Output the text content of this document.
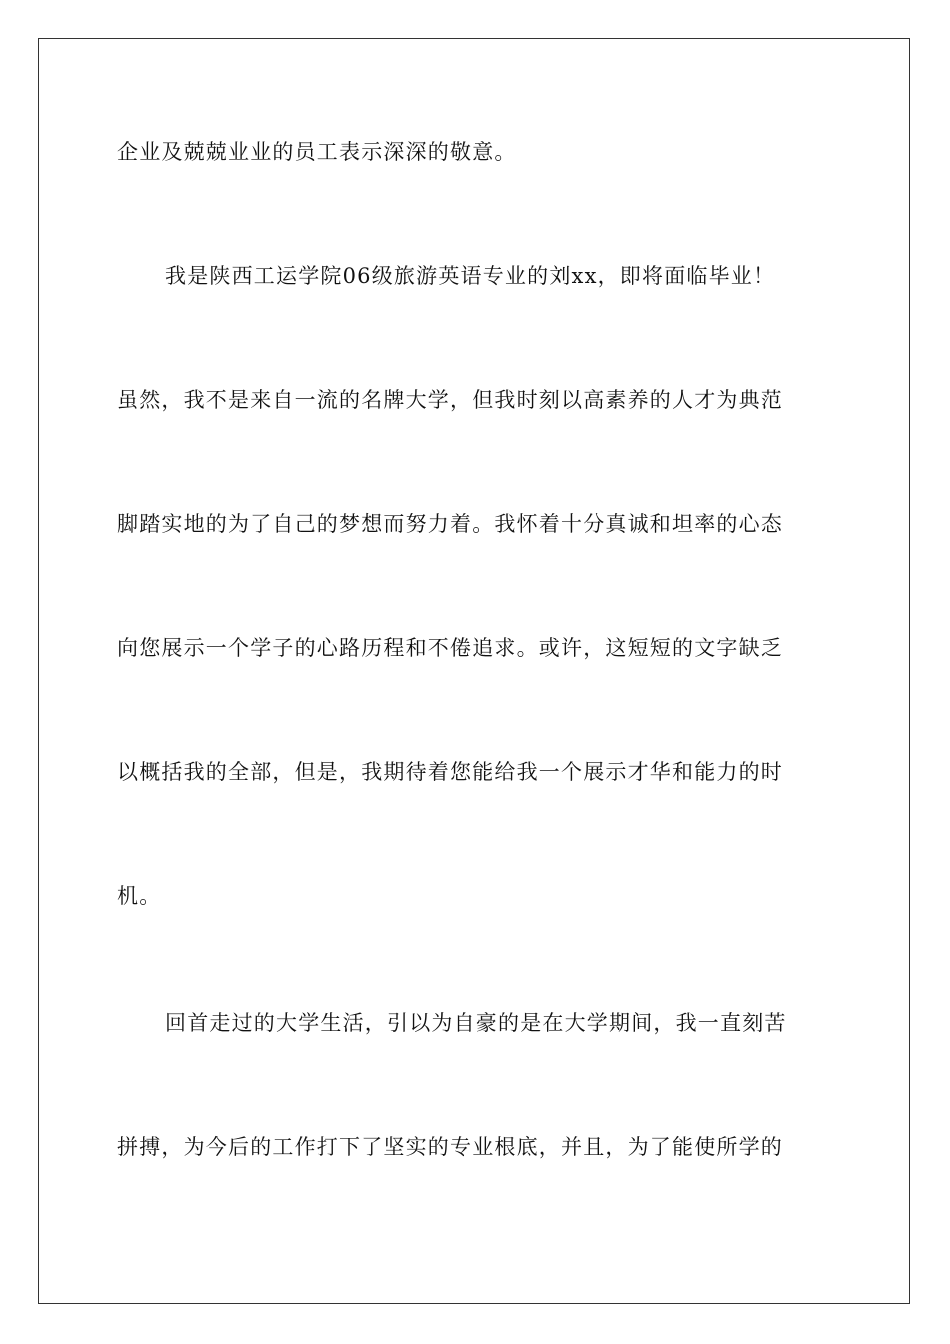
企业及兢兢业业的员工表示深深的敬意。
我是陕西工运学院06级旅游英语专业的刘xx，即将面临毕业！
虽然，我不是来自一流的名牌大学，但我时刻以高素养的人才为典范
脚踏实地的为了自己的梦想而努力着。我怀着十分真诚和坦率的心态
向您展示一个学子的心路历程和不倦追求。或许，这短短的文字缺乏
以概括我的全部，但是，我期待着您能给我一个展示才华和能力的时
机。
回首走过的大学生活，引以为自豪的是在大学期间，我一直刻苦
拼搏，为今后的工作打下了坚实的专业根底，并且，为了能使所学的
